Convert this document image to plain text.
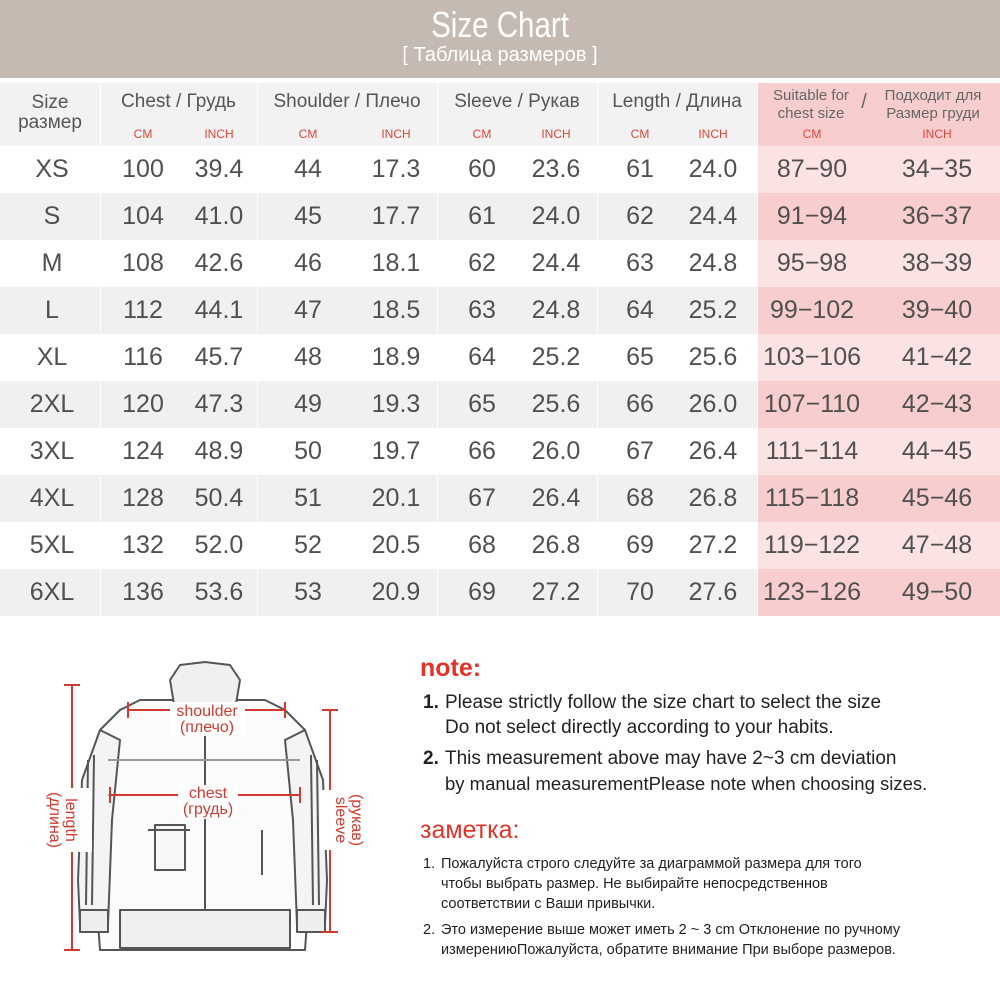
Size Chart
[ Таблица размеров ]
Size
размер
Chest / Грудь
CM	INCH
Shoulder / Плечо
CM	INCH
Sleeve / Рукав
CM	INCH
Length / Длина
CM	INCH
Suitable for
chest size
/	Подходит для
Размер груди
CM	INCH
XS	100	39.4	44	17.3	60	23.6	61	24.0	87−90	34−35
S	104	41.0	45	17.7	61	24.0	62	24.4	91−94	36−37
M	108	42.6	46	18.1	62	24.4	63	24.8	95−98	38−39
L	112	44.1	47	18.5	63	24.8	64	25.2	99−102	39−40
XL	116	45.7	48	18.9	64	25.2	65	25.6	103−106	41−42
2XL	120	47.3	49	19.3	65	25.6	66	26.0	107−110	42−43
3XL	124	48.9	50	19.7	66	26.0	67	26.4	111−114	44−45
4XL	128	50.4	51	20.1	67	26.4	68	26.8	115−118	45−46
5XL	132	52.0	52	20.5	68	26.8	69	27.2	119−122	47−48
6XL	136	53.6	53	20.9	69	27.2	70	27.6	123−126	49−50
shoulder
(плечо)
chest
(грудь)
length
(длина)	sleeve (рукав)
note:
1. Please strictly follow the size chart to select the size
Do not select directly according to your habits.
2. This measurement above may have 2~3 cm deviation
by manual measurementPlease note when choosing sizes.
заметка:
1. Пожалуйста строго следуйте за диаграммой размера для того
чтобы выбрать размер. Не выбирайте непосредственнов
соответствии с Ваши привычки.
2. Это измерение выше может иметь 2 ~ 3 cm Отклонение по ручному
измерениюПожалуйста, обратите внимание При выборе размеров.
